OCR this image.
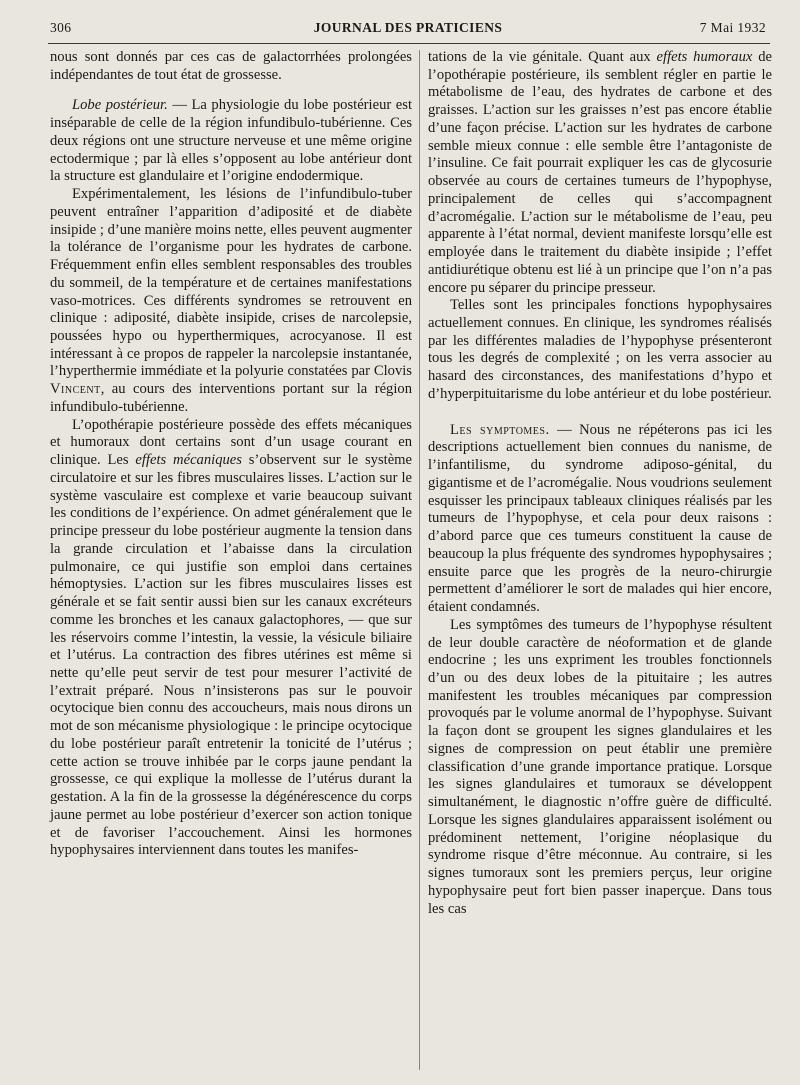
306	JOURNAL DES PRATICIENS	7 Mai 1932

nous sont donnés par ces cas de galactorrhées prolongées indépendantes de tout état de grossesse.

Lobe postérieur. — La physiologie du lobe postérieur est inséparable de celle de la région infundibulo-tubérienne. Ces deux régions ont une structure nerveuse et une même origine ectodermique ; par là elles s’opposent au lobe antérieur dont la structure est glandulaire et l’origine endodermique.

Expérimentalement, les lésions de l’infundibulo-tuber peuvent entraîner l’apparition d’adiposité et de diabète insipide ; d’une manière moins nette, elles peuvent augmenter la tolérance de l’organisme pour les hydrates de carbone. Fréquemment enfin elles semblent responsables des troubles du sommeil, de la température et de certaines manifestations vaso-motrices. Ces différents syndromes se retrouvent en clinique : adiposité, diabète insipide, crises de narcolepsie, poussées hypo ou hyperthermiques, acrocyanose. Il est intéressant à ce propos de rappeler la narcolepsie instantanée, l’hyperthermie immédiate et la polyurie constatées par Clovis Vincent, au cours des interventions portant sur la région infundibulo-tubérienne.

L’opothérapie postérieure possède des effets mécaniques et humoraux dont certains sont d’un usage courant en clinique. Les effets mécaniques s’observent sur le système circulatoire et sur les fibres musculaires lisses. L’action sur le système vasculaire est complexe et varie beaucoup suivant les conditions de l’expérience. On admet généralement que le principe presseur du lobe postérieur augmente la tension dans la grande circulation et l’abaisse dans la circulation pulmonaire, ce qui justifie son emploi dans certaines hémoptysies. L’action sur les fibres musculaires lisses est générale et se fait sentir aussi bien sur les canaux excréteurs comme les bronches et les canaux galactophores, — que sur les réservoirs comme l’intestin, la vessie, la vésicule biliaire et l’utérus. La contraction des fibres utérines est même si nette qu’elle peut servir de test pour mesurer l’activité de l’extrait préparé. Nous n’insisterons pas sur le pouvoir ocytocique bien connu des accoucheurs, mais nous dirons un mot de son mécanisme physiologique : le principe ocytocique du lobe postérieur paraît entretenir la tonicité de l’utérus ; cette action se trouve inhibée par le corps jaune pendant la grossesse, ce qui explique la mollesse de l’utérus durant la gestation. A la fin de la grossesse la dégénérescence du corps jaune permet au lobe postérieur d’exercer son action tonique et de favoriser l’accouchement. Ainsi les hormones hypophysaires interviennent dans toutes les manifes-

tations de la vie génitale. Quant aux effets humoraux de l’opothérapie postérieure, ils semblent régler en partie le métabolisme de l’eau, des hydrates de carbone et des graisses. L’action sur les graisses n’est pas encore établie d’une façon précise. L’action sur les hydrates de carbone semble mieux connue : elle semble être l’antagoniste de l’insuline. Ce fait pourrait expliquer les cas de glycosurie observée au cours de certaines tumeurs de l’hypophyse, principalement de celles qui s’accompagnent d’acromégalie. L’action sur le métabolisme de l’eau, peu apparente à l’état normal, devient manifeste lorsqu’elle est employée dans le traitement du diabète insipide ; l’effet antidiurétique obtenu est lié à un principe que l’on n’a pas encore pu séparer du principe presseur.

Telles sont les principales fonctions hypophysaires actuellement connues. En clinique, les syndromes réalisés par les différentes maladies de l’hypophyse présenteront tous les degrés de complexité ; on les verra associer au hasard des circonstances, des manifestations d’hypo et d’hyperpituitarisme du lobe antérieur et du lobe postérieur.

Les symptomes. — Nous ne répéterons pas ici les descriptions actuellement bien connues du nanisme, de l’infantilisme, du syndrome adiposo-génital, du gigantisme et de l’acromégalie. Nous voudrions seulement esquisser les principaux tableaux cliniques réalisés par les tumeurs de l’hypophyse, et cela pour deux raisons : d’abord parce que ces tumeurs constituent la cause de beaucoup la plus fréquente des syndromes hypophysaires ; ensuite parce que les progrès de la neuro-chirurgie permettent d’améliorer le sort de malades qui hier encore, étaient condamnés.

Les symptômes des tumeurs de l’hypophyse résultent de leur double caractère de néoformation et de glande endocrine ; les uns expriment les troubles fonctionnels d’un ou des deux lobes de la pituitaire ; les autres manifestent les troubles mécaniques par compression provoqués par le volume anormal de l’hypophyse. Suivant la façon dont se groupent les signes glandulaires et les signes de compression on peut établir une première classification d’une grande importance pratique. Lorsque les signes glandulaires et tumoraux se développent simultanément, le diagnostic n’offre guère de difficulté. Lorsque les signes glandulaires apparaissent isolément ou prédominent nettement, l’origine néoplasique du syndrome risque d’être méconnue. Au contraire, si les signes tumoraux sont les premiers perçus, leur origine hypophysaire peut fort bien passer inaperçue. Dans tous les cas
